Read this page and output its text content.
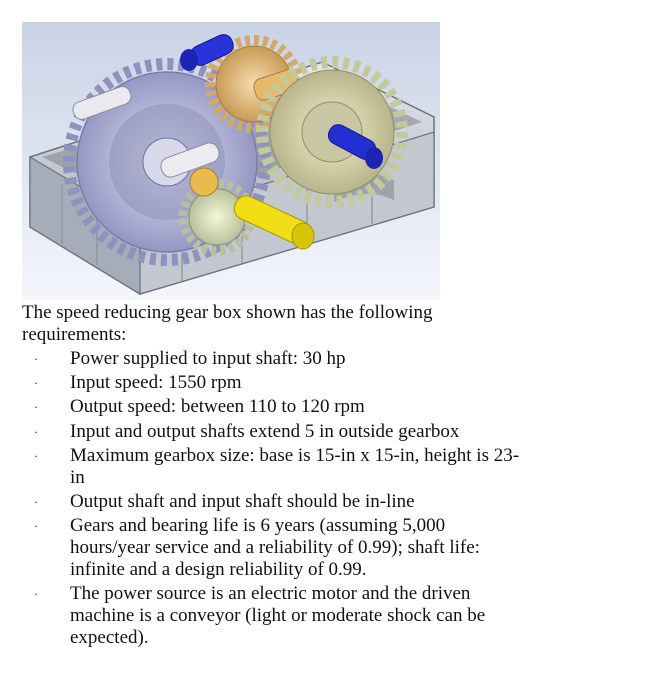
The speed reducing gear box shown has the following requirements:

·	Power supplied to input shaft: 30 hp
·	Input speed: 1550 rpm
·	Output speed: between 110 to 120 rpm
·	Input and output shafts extend 5 in outside gearbox
·	Maximum gearbox size: base is 15-in x 15-in, height is 23-in
·	Output shaft and input shaft should be in-line
·	Gears and bearing life is 6 years (assuming 5,000 hours/year service and a reliability of 0.99); shaft life: infinite and a design reliability of 0.99.
·	The power source is an electric motor and the driven machine is a conveyor (light or moderate shock can be expected).
